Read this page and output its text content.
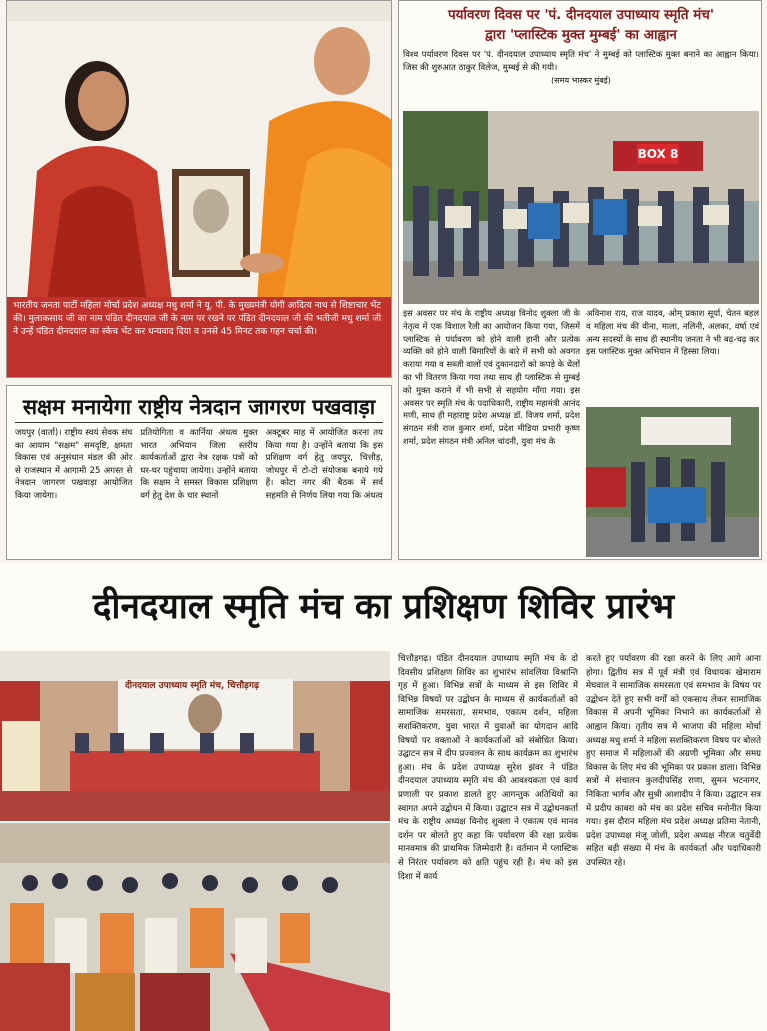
भारतीय जनता पार्टी महिला मोर्चा प्रदेश अध्यक्ष मधु शर्मा ने यू. पी. के मुख्यमंत्री योगी आदित्य नाथ से शिष्टाचार भेंट की। मुलाकसाय जी का नाम पंडित दीनदयाल जी के नाम पर रखने पर पंडित दीनदयाल जी की भतीजी मधु शर्मा जी ने उन्हें पंडित दीनदयाल का स्केच भेंट कर धन्यवाद दिया व उनसे 45 मिनट तक गहन चर्चा की।
सक्षम मनायेगा राष्ट्रीय नेत्रदान जागरण पखवाड़ा
जयपुर (वार्ता)। राष्ट्रीय स्वयं सेवक संघ का आयाम "सक्षम" समदृष्टि, क्षमता विकास एवं अनुसंधान मंडल की ओर से राजस्थान में आगामी 25 अगस्त से नेत्रदान जागरण पखवाड़ा आयोजित किया जायेगा।
प्रतियोगिता व कार्निया अंधत्व मुक्त भारत अभियान जिला स्तरीय कार्यकर्ताओं द्वारा नेत्र रक्षक पत्रों को घर-घर पहुंचाया जायेगा। उन्होंने बताया कि सक्षम ने समस्त विकास प्रशिक्षण वर्ग हेतु देश के चार स्थानों
अक्टूबर माह में आयोजित करना तय किया गया है। उन्होंने बताया कि इस प्रशिक्षण वर्ग हेतु जयपुर, चित्तौड़, जोधपुर में टो-टो संयोजक बनाये गये हैं। कोटा नगर की बैठक में सर्व सहमति से निर्णय लिया गया कि अंधत्व
पर्यावरण दिवस पर 'पं. दीनदयाल उपाध्याय स्मृति मंच'
द्वारा 'प्लास्टिक मुक्त मुम्बई' का आह्वान
विश्व पर्यावरण दिवस पर 'पं. दीनदयाल उपाध्याय स्मृति मंच' ने मुम्बई को प्लास्टिक मुक्त बनाने का आह्वान किया। जिस की शुरुआत ठाकुर विलेज, मुम्बई से की गयी।
(समय भास्कर मुंबई)
BOX 8
इस अवसर पर मंच के राष्ट्रीय अध्यक्ष विनोद शुक्ला जी के नेतृत्व में एक विशाल रैली का आयोजन किया गया, जिसमें प्लास्टिक से पर्यावरण को होने वाली हानी और प्रत्येक व्यक्ति को होने वाली बिमारियों के बारे में सभी को अवगत कराया गया व सब्जी वालों एवं दुकानदारों को कपड़े के थैलों का भी वितरण किया गया तथा साथ ही प्लास्टिक से मुम्बई को मुक्त कराने में भी सभी से सहयोग माँगा गया। इस अवसर पर स्मृति मंच के पदाधिकारी, राष्ट्रीय महामंत्री आनंद मणी, साथ ही महाराष्ट्र प्रदेश अध्यक्ष डॉ. विजय शर्मा, प्रदेश संगठन मंत्री राज कुमार शर्मा, प्रदेश मीडिया प्रभारी कृष्ण शर्मा, प्रदेश संगठन मंत्री अनिल चांदनी, युवा मंच के
अविनाश राय, राज यादव, ओम् प्रकाश सूर्या, चेतन बहल व महिला मंच की वीना, माला, नलिनी, अलका, वर्षा एवं अन्य सदस्यों के साथ ही स्थानीय जनता ने भी बढ़-चढ़ कर इस प्लास्टिक मुक्त अभियान में हिस्सा लिया।
दीनदयाल स्मृति मंच का प्रशिक्षण शिविर प्रारंभ
दीनदयाल उपाध्याय स्मृति मंच, चित्तौड़गढ़
चित्तौड़गढ़। पंडित दीनदयाल उपाध्याय स्मृति मंच के दो दिवसीय प्रशिक्षण शिविर का शुभारंभ सांवलिया विश्रान्ति गृह में हुआ। विभिन्न सत्रों के माध्यम से इस शिविर में विभिन्न विषयों पर उद्बोधन के माध्यम से कार्यकर्ताओं को सामाजिक समरसता, समभाव, एकात्म दर्शन, महिला सशक्तिकरण, युवा भारत में युवाओं का योगदान आदि विषयों पर वक्ताओं ने कार्यकर्ताओं को संबोधित किया। उद्घाटन सत्र में दीप प्रज्वलन के साथ कार्यक्रम का शुभारंभ हुआ। मंच के प्रदेश उपाध्यक्ष सुरेश झंवर ने पंडित दीनदयाल उपाध्याय स्मृति मंच की आवश्यकता एवं कार्य प्रणाली पर प्रकाश डालते हुए आगन्तुक अतिथियों का स्वागत अपने उद्बोधन में किया। उद्घाटन सत्र में उद्बोधनकर्ता मंच के राष्ट्रीय अध्यक्ष विनोद शुक्ला ने एकात्म एवं मानव दर्शन पर बोलते हुए कहा कि पर्यावरण की रक्षा प्रत्येक मानवमात्र की प्राथमिक जिम्मेदारी है। वर्तमान में प्लास्टिक से निरंतर पर्यावरण को क्षति पहुंच रही है। मंच को इस दिशा में कार्य
करते हुए पर्यावरण की रक्षा करने के लिए आगे आना होगा। द्वितीय सत्र में पूर्व मंत्री एवं विधायक खेमाराम मेघवाल ने सामाजिक समरसता एवं समभाव के विषय पर उद्बोधन देते हुए सभी वर्गों को एकसाथ लेकर सामाजिक विकास में अपनी भूमिका निभाने का कार्यकर्ताओं से आह्वान किया। तृतीय सत्र में भाजपा की महिला मोर्चा अध्यक्ष मधु शर्मा ने महिला सशक्तिकरण विषय पर बोलते हुए समाज में महिलाओं की अग्रणी भूमिका और समग्र विकास के लिए मंच की भूमिका पर प्रकाश डाला। विभिन्न सत्रों में संचालन कुलदीपसिंह राणा, सुमन भटनागर, निकिता भार्गव और सुश्री आशादीप ने किया। उद्घाटन सत्र में प्रदीप काबरा को मंच का प्रदेश सचिव मनोनीत किया गया। इस दौरान महिला मंच प्रदेश अध्यक्ष प्रतिमा नेतानी, प्रदेश उपाध्यक्ष मंजू जोशी, प्रदेश अध्यक्ष नीरज चतुर्वेदी सहित बड़ी संख्या में मंच के कार्यकर्ता और पदाधिकारी उपस्थित रहे।
